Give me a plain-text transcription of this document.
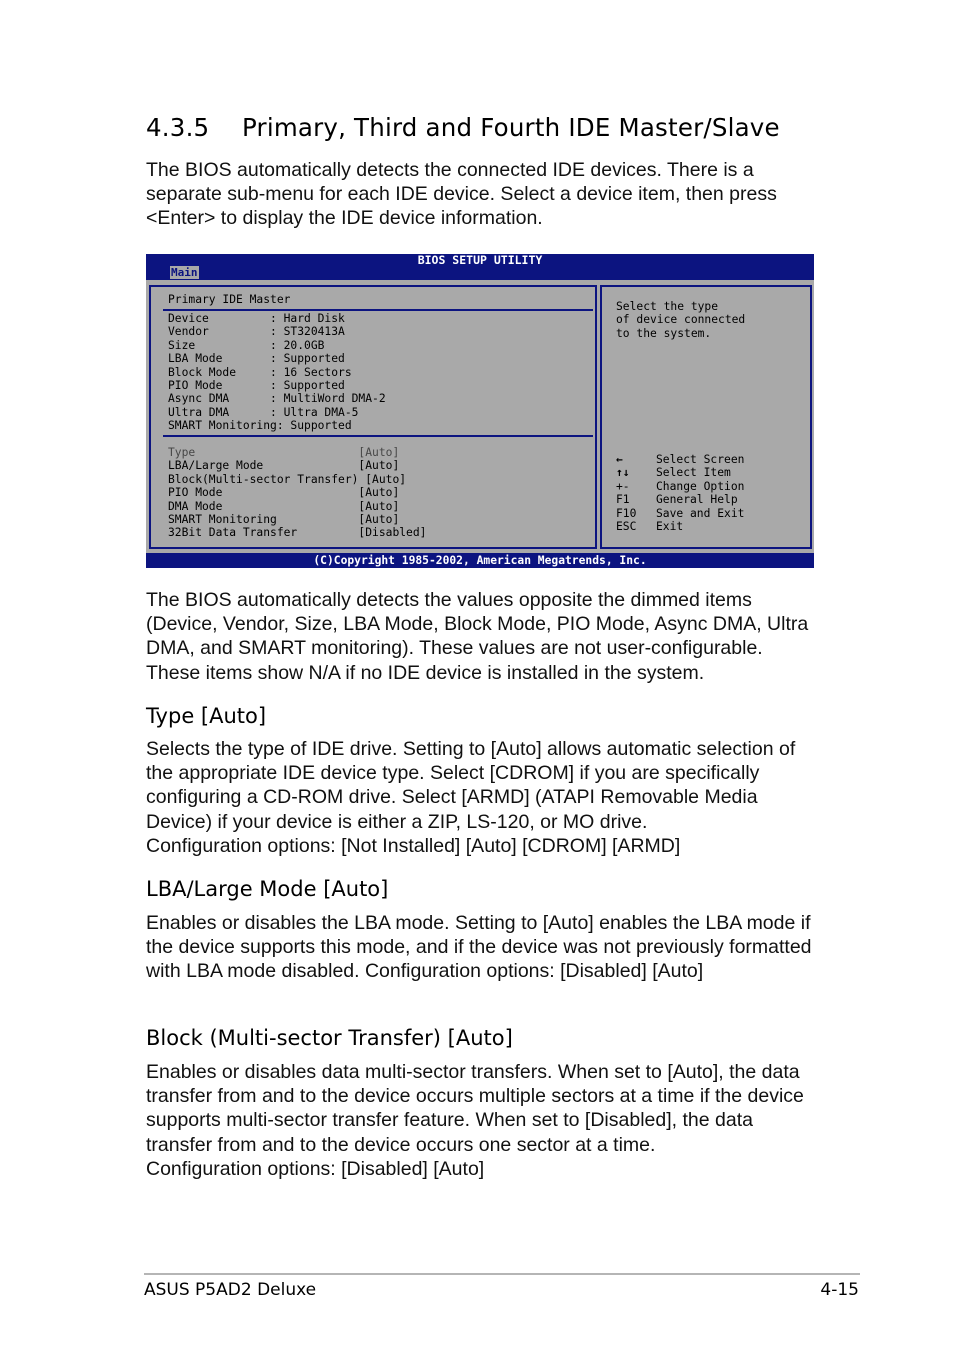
4.3.5 Primary, Third and Fourth IDE Master/Slave

The BIOS automatically detects the connected IDE devices. There is a separate sub-menu for each IDE device. Select a device item, then press <Enter> to display the IDE device information.

BIOS SETUP UTILITY
Main
Primary IDE Master
Device         : Hard Disk
Vendor         : ST320413A
Size           : 20.0GB
LBA Mode       : Supported
Block Mode     : 16 Sectors
PIO Mode       : Supported
Async DMA      : MultiWord DMA-2
Ultra DMA      : Ultra DMA-5
SMART Monitoring: Supported
Type                        [Auto]
LBA/Large Mode              [Auto]
Block(Multi-sector Transfer) [Auto]
PIO Mode                    [Auto]
DMA Mode                    [Auto]
SMART Monitoring            [Auto]
32Bit Data Transfer         [Disabled]
Select the type
of device connected
to the system.
←	Select Screen
↑↓ Select Item
+- Change Option
F1 General Help
F10 Save and Exit
ESC Exit
(C)Copyright 1985-2002, American Megatrends, Inc.

The BIOS automatically detects the values opposite the dimmed items (Device, Vendor, Size, LBA Mode, Block Mode, PIO Mode, Async DMA, Ultra DMA, and SMART monitoring). These values are not user-configurable. These items show N/A if no IDE device is installed in the system.

Type [Auto]

Selects the type of IDE drive. Setting to [Auto] allows automatic selection of the appropriate IDE device type. Select [CDROM] if you are specifically configuring a CD-ROM drive. Select [ARMD] (ATAPI Removable Media Device) if your device is either a ZIP, LS-120, or MO drive.

Configuration options: [Not Installed] [Auto] [CDROM] [ARMD]

LBA/Large Mode [Auto]

Enables or disables the LBA mode. Setting to [Auto] enables the LBA mode if the device supports this mode, and if the device was not previously formatted with LBA mode disabled. Configuration options: [Disabled] [Auto]

Block (Multi-sector Transfer) [Auto]

Enables or disables data multi-sector transfers. When set to [Auto], the data transfer from and to the device occurs multiple sectors at a time if the device supports multi-sector transfer feature. When set to [Disabled], the data transfer from and to the device occurs one sector at a time.

Configuration options: [Disabled] [Auto]

ASUS P5AD2 Deluxe	4-15
